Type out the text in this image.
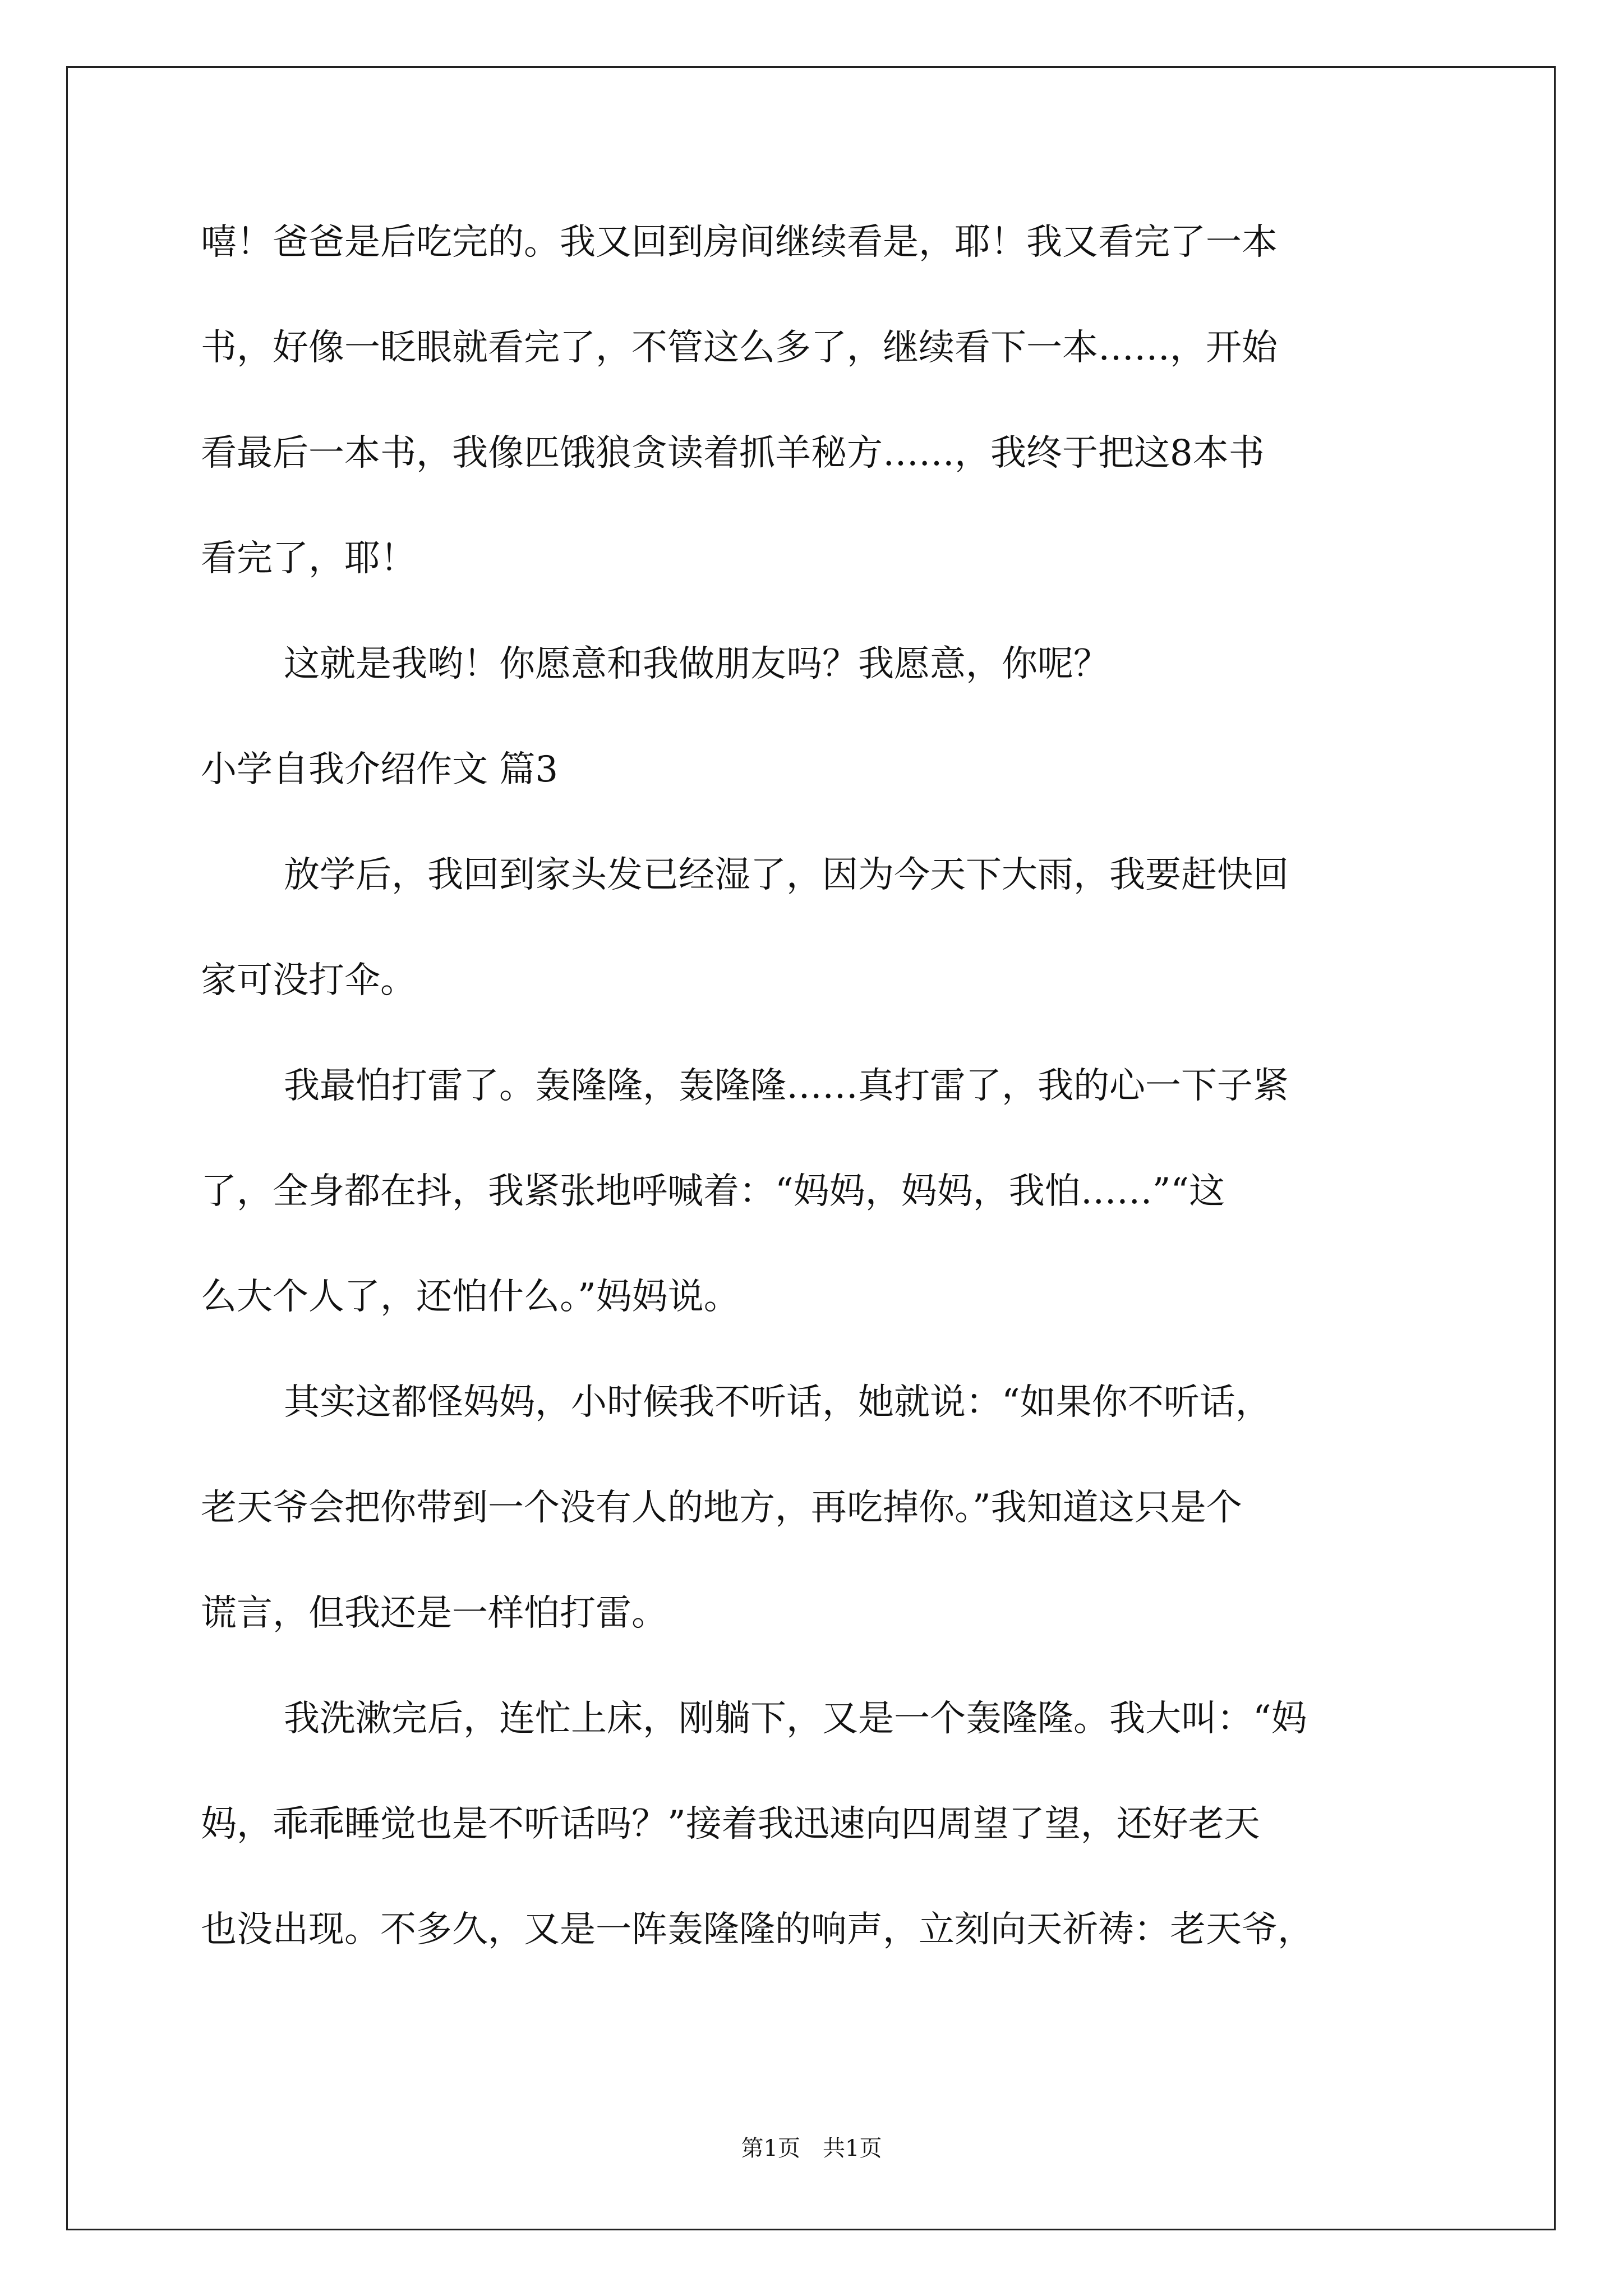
嘻！爸爸是后吃完的。我又回到房间继续看是，耶！我又看完了一本
书，好像一眨眼就看完了，不管这么多了，继续看下一本……，开始
看最后一本书，我像匹饿狼贪读着抓羊秘方……，我终于把这8本书
看完了，耶！
这就是我哟！你愿意和我做朋友吗？我愿意，你呢？
小学自我介绍作文 篇3
放学后，我回到家头发已经湿了，因为今天下大雨，我要赶快回
家可没打伞。
我最怕打雷了。轰隆隆，轰隆隆……真打雷了，我的心一下子紧
了，全身都在抖，我紧张地呼喊着：“妈妈，妈妈，我怕……”“这
么大个人了，还怕什么。”妈妈说。
其实这都怪妈妈，小时候我不听话，她就说：“如果你不听话，
老天爷会把你带到一个没有人的地方，再吃掉你。”我知道这只是个
谎言，但我还是一样怕打雷。
我洗漱完后，连忙上床，刚躺下，又是一个轰隆隆。我大叫：“妈
妈，乖乖睡觉也是不听话吗？”接着我迅速向四周望了望，还好老天
也没出现。不多久，又是一阵轰隆隆的响声，立刻向天祈祷：老天爷，
第1页　共1页
